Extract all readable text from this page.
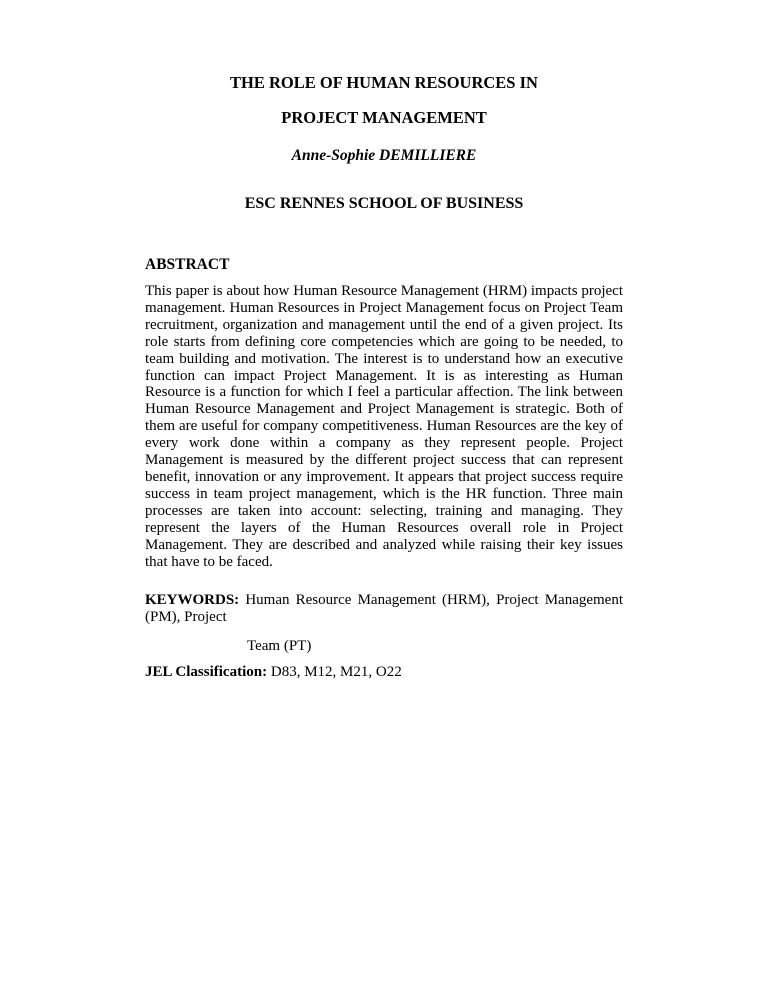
THE ROLE OF HUMAN RESOURCES IN

PROJECT MANAGEMENT

Anne-Sophie DEMILLIERE

ESC RENNES SCHOOL OF BUSINESS

ABSTRACT

This paper is about how Human Resource Management (HRM) impacts project management. Human Resources in Project Management focus on Project Team recruitment, organization and management until the end of a given project. Its role starts from defining core competencies which are going to be needed, to team building and motivation. The interest is to understand how an executive function can impact Project Management. It is as interesting as Human Resource is a function for which I feel a particular affection. The link between Human Resource Management and Project Management is strategic. Both of them are useful for company competitiveness. Human Resources are the key of every work done within a company as they represent people. Project Management is measured by the different project success that can represent benefit, innovation or any improvement. It appears that project success require success in team project management, which is the HR function. Three main processes are taken into account: selecting, training and managing. They represent the layers of the Human Resources overall role in Project Management. They are described and analyzed while raising their key issues that have to be faced.

KEYWORDS: Human Resource Management (HRM), Project Management (PM), Project

Team (PT)

JEL Classification: D83, M12, M21, O22
